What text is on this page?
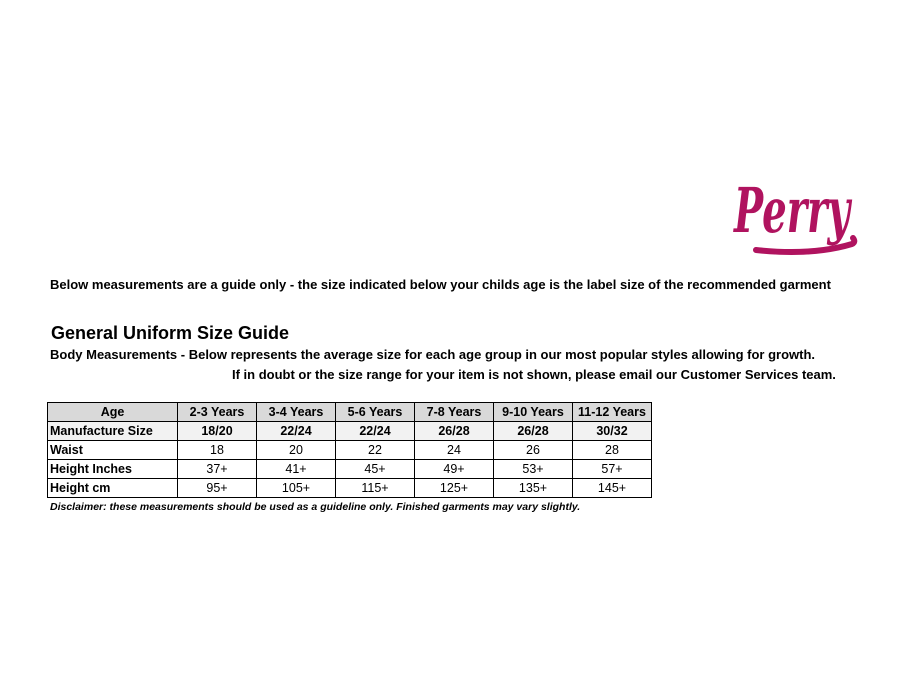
Perry
Below measurements are a guide only - the size indicated below your childs age is the label size of the recommended garment
General Uniform Size Guide
Body Measurements - Below represents the average size for each age group in our most popular styles allowing for growth.
If in doubt or the size range for your item is not shown, please email our Customer Services team.
Age	2-3 Years	3-4 Years	5-6 Years	7-8 Years	9-10 Years	11-12 Years
Manufacture Size	18/20	22/24	22/24	26/28	26/28	30/32
Waist	18	20	22	24	26	28
Height Inches	37+	41+	45+	49+	53+	57+
Height cm	95+	105+	115+	125+	135+	145+
Disclaimer: these measurements should be used as a guideline only. Finished garments may vary slightly.
